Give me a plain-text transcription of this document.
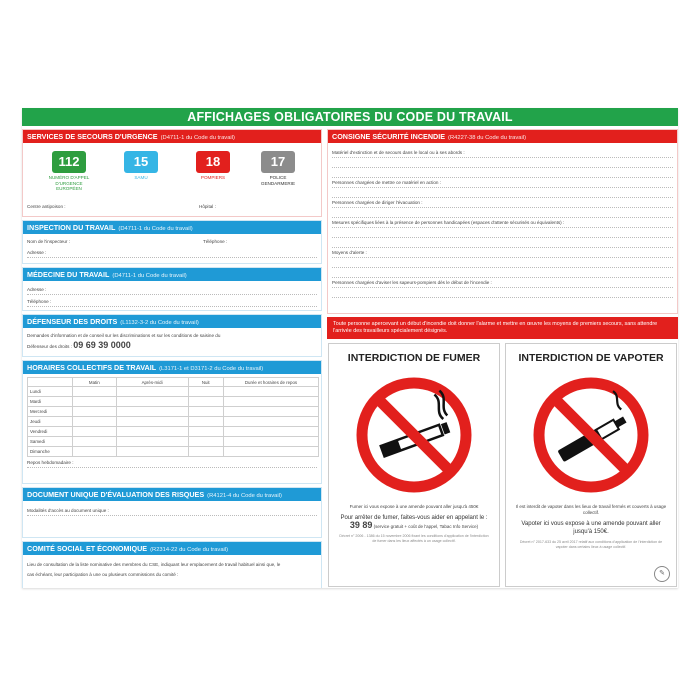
AFFICHAGES OBLIGATOIRES DU CODE DU TRAVAIL
SERVICES DE SECOURS D'URGENCE (D4711-1 du Code du travail)
112
NUMÉRO D'APPEL D'URGENCE EUROPÉEN
15
SAMU
18
POMPIERS
17
POLICE GENDARMERIE
Centre antipoison :	Hôpital :
INSPECTION DU TRAVAIL (D4711-1 du Code du travail)
Nom de l'inspecteur :	Téléphone :
Adresse :
MÉDECINE DU TRAVAIL (D4711-1 du Code du travail)
Adresse :
Téléphone :
DÉFENSEUR DES DROITS (L1132-3-2 du Code du travail)
Demandes d'information et de conseil sur les discriminations et sur les conditions de saisine du
Défenseur des droits : 09 69 39 0000
HORAIRES COLLECTIFS DE TRAVAIL (L3171-1 et D3171-2 du Code du travail)
	Matin	Après-midi	Nuit	Durée et horaires de repos
Lundi				
Mardi				
Mercredi				
Jeudi				
Vendredi				
Samedi				
Dimanche				
Repos hebdomadaire :
DOCUMENT UNIQUE D'ÉVALUATION DES RISQUES (R4121-4 du Code du travail)
Modalités d'accès au document unique :
COMITÉ SOCIAL ET ÉCONOMIQUE (R2314-22 du Code du travail)
Lieu de consultation de la liste nominative des membres du CSE, indiquant leur emplacement de travail habituel ainsi que, le
cas échéant, leur participation à une ou plusieurs commissions du comité :
CONSIGNE SÉCURITÉ INCENDIE (R4227-38 du Code du travail)
Matériel d'extinction et de secours dans le local ou à ses abords :
Personnes chargées de mettre ce matériel en action :
Personnes chargées de diriger l'évacuation :
Mesures spécifiques liées à la présence de personnes handicapées (espaces d'attente sécurisés ou équivalents) :
Moyens d'alerte :
Personnes chargées d'aviser les sapeurs-pompiers dès le début de l'incendie :
Toute personne apercevant un début d'incendie doit donner l'alarme et mettre en œuvre les moyens de premiers secours, sans attendre l'arrivée des travailleurs spécialement désignés.
INTERDICTION DE FUMER
Fumer ici vous expose à une amende pouvant aller jusqu'à 450€
Pour arrêter de fumer, faites-vous aider en appelant le :
39 89 (service gratuit + coût de l'appel, Tabac Info Service)
Décret n° 2006 - 1386 du 15 novembre 2006 fixant les conditions d'application de l'interdiction de fumer dans les lieux affectés à un usage collectif.
INTERDICTION DE VAPOTER
Il est interdit de vapoter dans les lieux de travail fermés et couverts à usage collectif.
Vapoter ici vous expose à une amende pouvant aller jusqu'à 150€.
Décret n° 2017-633 du 25 avril 2017 relatif aux conditions d'application de l'interdiction de vapoter dans certains lieux à usage collectif.
✎
